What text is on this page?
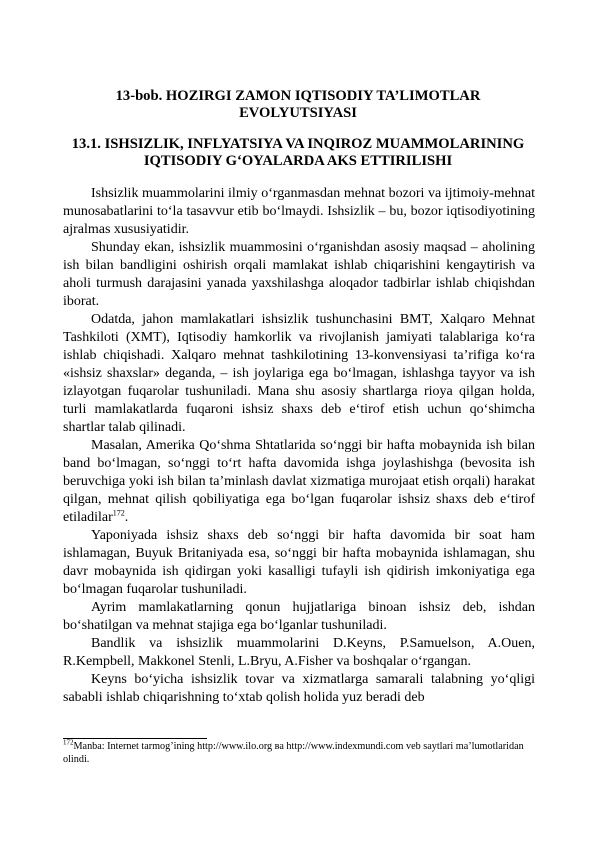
13-bob. HOZIRGI ZAMON IQTISODIY TA’LIMOTLAR EVOLYUTSIYASI
13.1. ISHSIZLIK, INFLYATSIYA VA INQIROZ MUAMMOLARINING IQTISODIY G‘OYALARDA AKS ETTIRILISHI

Ishsizlik muammolarini ilmiy o‘rganmasdan mehnat bozori va ijtimoiy-mehnat munosabatlarini to‘la tasavvur etib bo‘lmaydi. Ishsizlik – bu, bozor iqtisodiyotining ajralmas xususiyatidir.

Shunday ekan, ishsizlik muammosini o‘rganishdan asosiy maqsad – aholining ish bilan bandligini oshirish orqali mamlakat ishlab chiqarishini kengaytirish va aholi turmush darajasini yanada yaxshilashga aloqador tadbirlar ishlab chiqishdan iborat.

Odatda, jahon mamlakatlari ishsizlik tushunchasini BMT, Xalqaro Mehnat Tashkiloti (XMT), Iqtisodiy hamkorlik va rivojlanish jamiyati talablariga ko‘ra ishlab chiqishadi. Xalqaro mehnat tashkilotining 13-konvensiyasi ta’rifiga ko‘ra «ishsiz shaxslar» deganda, – ish joylariga ega bo‘lmagan, ishlashga tayyor va ish izlayotgan fuqarolar tushuniladi. Mana shu asosiy shartlarga rioya qilgan holda, turli mamlakatlarda fuqaroni ishsiz shaxs deb e‘tirof etish uchun qo‘shimcha shartlar talab qilinadi.

Masalan, Amerika Qo‘shma Shtatlarida so‘nggi bir hafta mobaynida ish bilan band bo‘lmagan, so‘nggi to‘rt hafta davomida ishga joylashishga (bevosita ish beruvchiga yoki ish bilan ta’minlash davlat xizmatiga murojaat etish orqali) harakat qilgan, mehnat qilish qobiliyatiga ega bo‘lgan fuqarolar ishsiz shaxs deb e‘tirof etiladilar$^{172}$.

Yaponiyada ishsiz shaxs deb so‘nggi bir hafta davomida bir soat ham ishlamagan, Buyuk Britaniyada esa, so‘nggi bir hafta mobaynida ishlamagan, shu davr mobaynida ish qidirgan yoki kasalligi tufayli ish qidirish imkoniyatiga ega bo‘lmagan fuqarolar tushuniladi.

Ayrim mamlakatlarning qonun hujjatlariga binoan ishsiz deb, ishdan bo‘shatilgan va mehnat stajiga ega bo‘lganlar tushuniladi.

Bandlik va ishsizlik muammolarini D.Keyns, P.Samuelson, A.Ouen, R.Kempbell, Makkonel Stenli, L.Bryu, A.Fisher va boshqalar o‘rgangan.

Keyns bo‘yicha ishsizlik tovar va xizmatlarga samarali talabning yo‘qligi sababli ishlab chiqarishning to‘xtab qolish holida yuz beradi deb

$^{172}$Manba: Internet tarmog’ining http://www.ilo.org ва http://www.indexmundi.com veb saytlari ma’lumotlaridan olindi.
